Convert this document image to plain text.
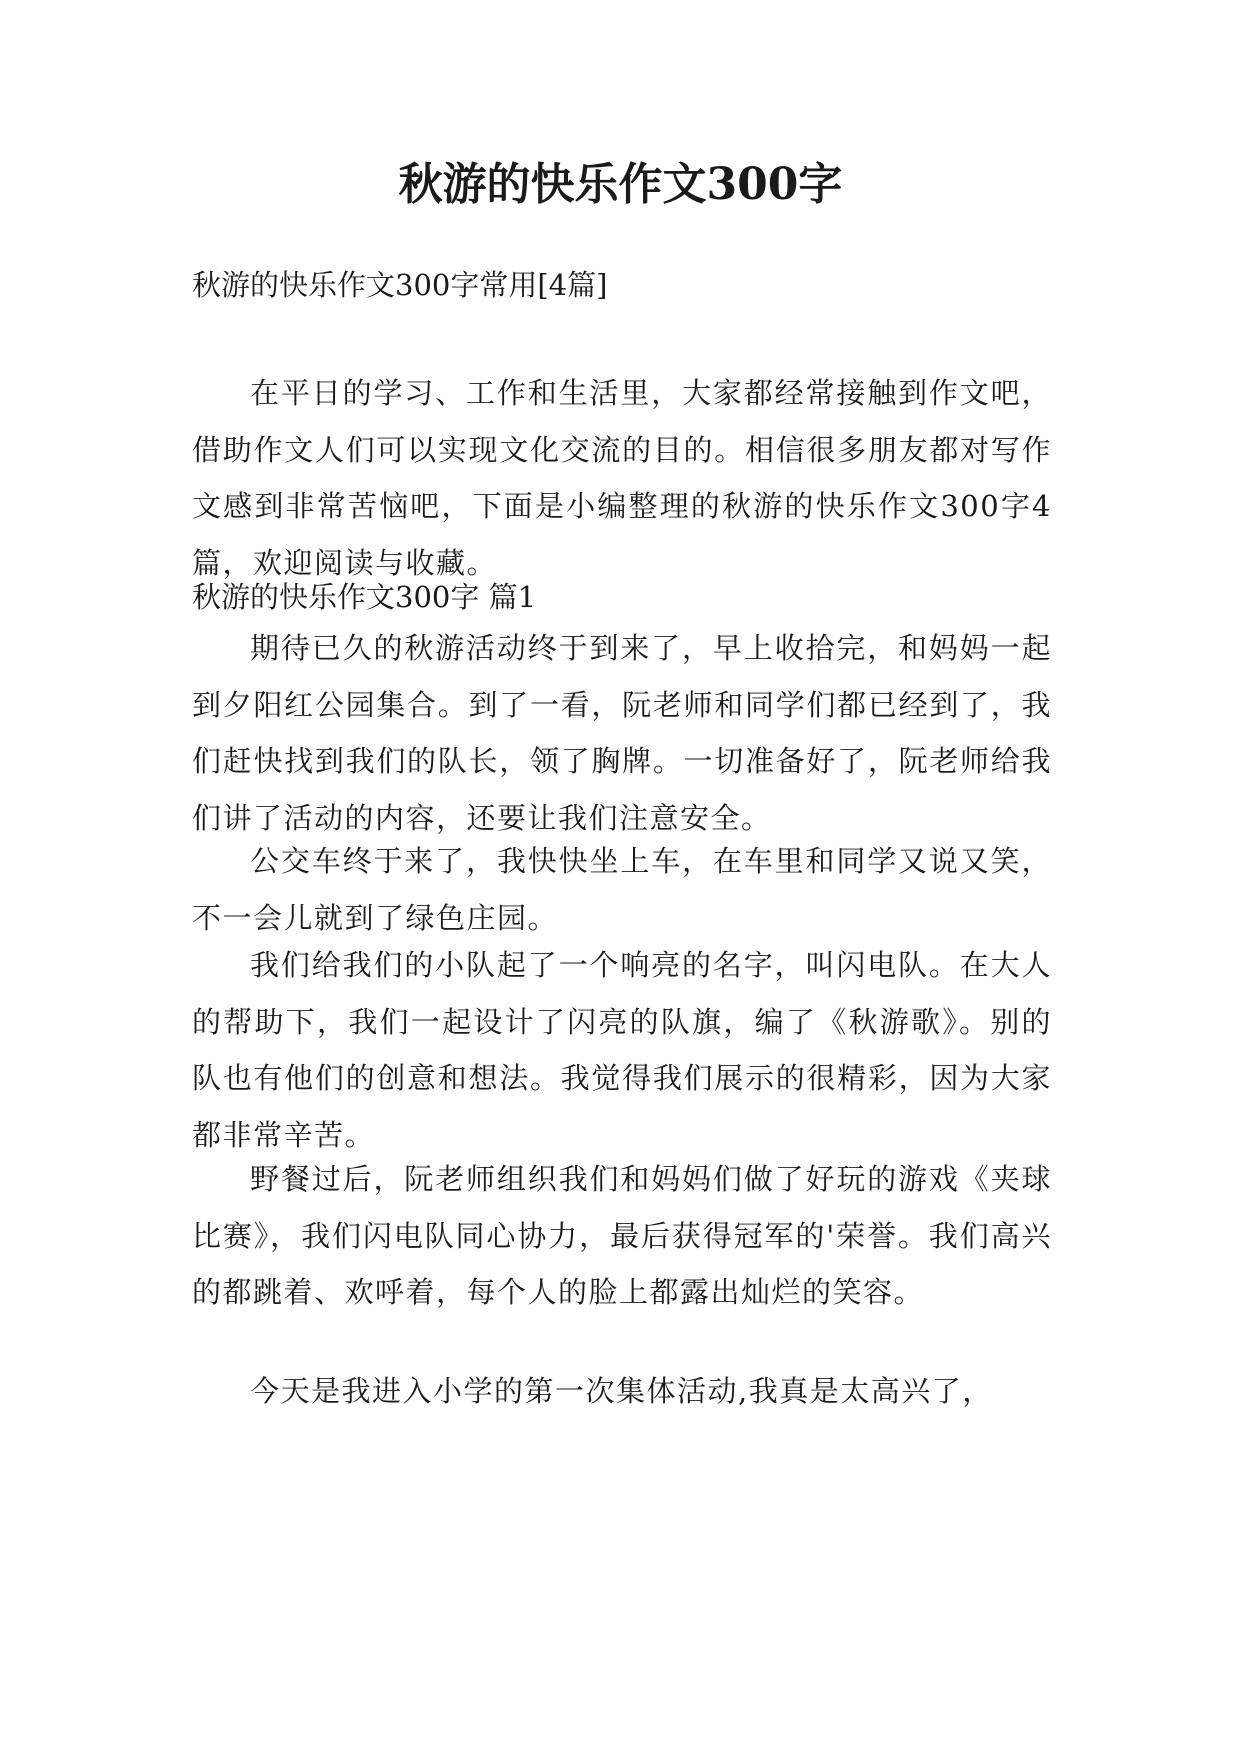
秋游的快乐作文300字

秋游的快乐作文300字常用[4篇]

在平日的学习、工作和生活里，大家都经常接触到作文吧，借助作文人们可以实现文化交流的目的。相信很多朋友都对写作文感到非常苦恼吧，下面是小编整理的秋游的快乐作文300字4篇，欢迎阅读与收藏。

秋游的快乐作文300字 篇1

期待已久的秋游活动终于到来了，早上收拾完，和妈妈一起到夕阳红公园集合。到了一看，阮老师和同学们都已经到了，我们赶快找到我们的队长，领了胸牌。一切准备好了，阮老师给我们讲了活动的内容，还要让我们注意安全。

公交车终于来了，我快快坐上车，在车里和同学又说又笑，不一会儿就到了绿色庄园。

我们给我们的小队起了一个响亮的名字，叫闪电队。在大人的帮助下，我们一起设计了闪亮的队旗，编了《秋游歌》。别的队也有他们的创意和想法。我觉得我们展示的很精彩，因为大家都非常辛苦。

野餐过后，阮老师组织我们和妈妈们做了好玩的游戏《夹球比赛》，我们闪电队同心协力，最后获得冠军的'荣誉。我们高兴的都跳着、欢呼着，每个人的脸上都露出灿烂的笑容。

今天是我进入小学的第一次集体活动,我真是太高兴了，
